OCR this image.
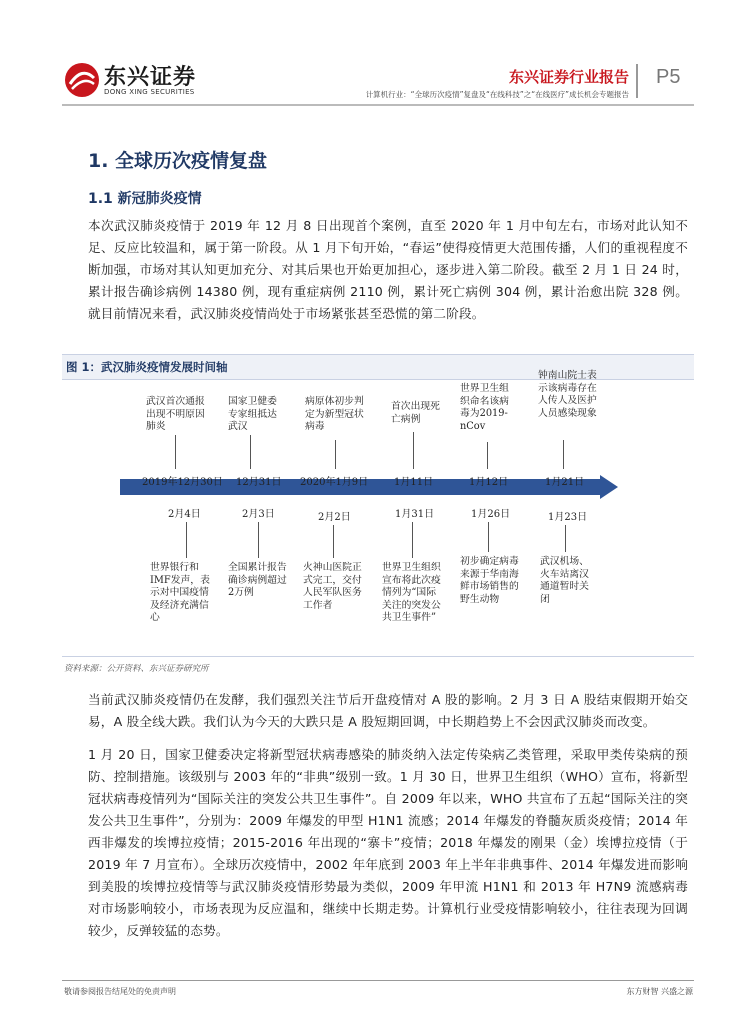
东兴证券
DONG XING SECURITIES
东兴证券行业报告
计算机行业：“全球历次疫情”复盘及“在线科技”之“在线医疗”成长机会专题报告
P5
1. 全球历次疫情复盘
1.1 新冠肺炎疫情
本次武汉肺炎疫情于 2019 年 12 月 8 日出现首个案例，直至 2020 年 1 月中旬左右，市场对此认知不足、反应比较温和，属于第一阶段。从 1 月下旬开始，“春运”使得疫情更大范围传播，人们的重视程度不断加强，市场对其认知更加充分、对其后果也开始更加担心，逐步进入第二阶段。截至 2 月 1 日 24 时，累计报告确诊病例 14380 例，现有重症病例 2110 例，累计死亡病例 304 例，累计治愈出院 328 例。就目前情况来看，武汉肺炎疫情尚处于市场紧张甚至恐慌的第二阶段。
图 1：武汉肺炎疫情发展时间轴
武汉首次通报出现不明原因肺炎
国家卫健委专家组抵达武汉
病原体初步判定为新型冠状病毒
首次出现死亡病例
世界卫生组织命名该病毒为2019-nCov
钟南山院士表示该病毒存在人传人及医护人员感染现象
2019年12月30日 12月31日 2020年1月9日	1月11日	1月12日	1月21日
2月4日	2月3日	2月2日	1月31日	1月26日	1月23日
世界银行和IMF发声，表示对中国疫情及经济充满信心
全国累计报告确诊病例超过2万例
火神山医院正式完工，交付人民军队医务工作者
世界卫生组织宣布将此次疫情列为“国际关注的突发公共卫生事件”
初步确定病毒来源于华南海鲜市场销售的野生动物
武汉机场、火车站离汉通道暂时关闭
资料来源：公开资料、东兴证券研究所
当前武汉肺炎疫情仍在发酵，我们强烈关注节后开盘疫情对 A 股的影响。2 月 3 日 A 股结束假期开始交易，A 股全线大跌。我们认为今天的大跌只是 A 股短期回调，中长期趋势上不会因武汉肺炎而改变。
1 月 20 日，国家卫健委决定将新型冠状病毒感染的肺炎纳入法定传染病乙类管理，采取甲类传染病的预防、控制措施。该级别与 2003 年的“非典”级别一致。1 月 30 日，世界卫生组织（WHO）宣布，将新型冠状病毒疫情列为“国际关注的突发公共卫生事件”。自 2009 年以来，WHO 共宣布了五起“国际关注的突发公共卫生事件”，分别为：2009 年爆发的甲型 H1N1 流感；2014 年爆发的脊髓灰质炎疫情；2014 年西非爆发的埃博拉疫情；2015-2016 年出现的“寨卡”疫情；2018 年爆发的刚果（金）埃博拉疫情（于 2019 年 7 月宣布）。全球历次疫情中，2002 年年底到 2003 年上半年非典事件、2014 年爆发进而影响到美股的埃博拉疫情等与武汉肺炎疫情形势最为类似，2009 年甲流 H1N1 和 2013 年 H7N9 流感病毒对市场影响较小，市场表现为反应温和，继续中长期走势。计算机行业受疫情影响较小，往往表现为回调较少，反弹较猛的态势。
敬请参阅报告结尾处的免责声明	东方财智 兴盛之源
